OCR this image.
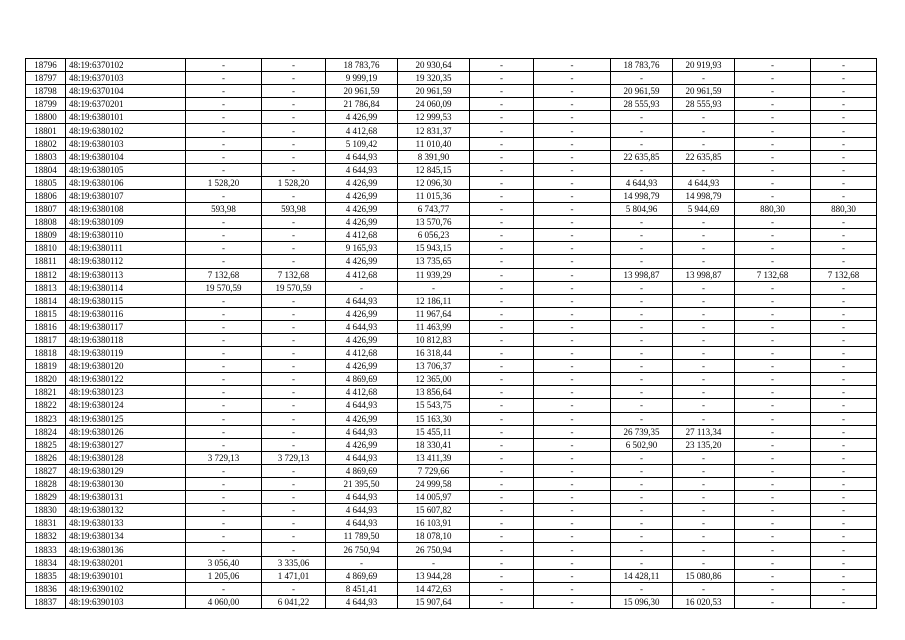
18796	48:19:6370102	-	-	18 783,76	20 930,64	-	-	18 783,76	20 919,93	-	-
18797	48:19:6370103	-	-	9 999,19	19 320,35	-	-	-	-	-	-
18798	48:19:6370104	-	-	20 961,59	20 961,59	-	-	20 961,59	20 961,59	-	-
18799	48:19:6370201	-	-	21 786,84	24 060,09	-	-	28 555,93	28 555,93	-	-
18800	48:19:6380101	-	-	4 426,99	12 999,53	-	-	-	-	-	-
18801	48:19:6380102	-	-	4 412,68	12 831,37	-	-	-	-	-	-
18802	48:19:6380103	-	-	5 109,42	11 010,40	-	-	-	-	-	-
18803	48:19:6380104	-	-	4 644,93	8 391,90	-	-	22 635,85	22 635,85	-	-
18804	48:19:6380105	-	-	4 644,93	12 845,15	-	-	-	-	-	-
18805	48:19:6380106	1 528,20	1 528,20	4 426,99	12 096,30	-	-	4 644,93	4 644,93	-	-
18806	48:19:6380107	-	-	4 426,99	11 015,36	-	-	14 998,79	14 998,79	-	-
18807	48:19:6380108	593,98	593,98	4 426,99	6 743,77	-	-	5 804,96	5 944,69	880,30	880,30
18808	48:19:6380109	-	-	4 426,99	13 570,76	-	-	-	-	-	-
18809	48:19:6380110	-	-	4 412,68	6 056,23	-	-	-	-	-	-
18810	48:19:6380111	-	-	9 165,93	15 943,15	-	-	-	-	-	-
18811	48:19:6380112	-	-	4 426,99	13 735,65	-	-	-	-	-	-
18812	48:19:6380113	7 132,68	7 132,68	4 412,68	11 939,29	-	-	13 998,87	13 998,87	7 132,68	7 132,68
18813	48:19:6380114	19 570,59	19 570,59	-	-	-	-	-	-	-	-
18814	48:19:6380115	-	-	4 644,93	12 186,11	-	-	-	-	-	-
18815	48:19:6380116	-	-	4 426,99	11 967,64	-	-	-	-	-	-
18816	48:19:6380117	-	-	4 644,93	11 463,99	-	-	-	-	-	-
18817	48:19:6380118	-	-	4 426,99	10 812,83	-	-	-	-	-	-
18818	48:19:6380119	-	-	4 412,68	16 318,44	-	-	-	-	-	-
18819	48:19:6380120	-	-	4 426,99	13 706,37	-	-	-	-	-	-
18820	48:19:6380122	-	-	4 869,69	12 365,00	-	-	-	-	-	-
18821	48:19:6380123	-	-	4 412,68	13 856,64	-	-	-	-	-	-
18822	48:19:6380124	-	-	4 644,93	15 543,75	-	-	-	-	-	-
18823	48:19:6380125	-	-	4 426,99	15 163,30	-	-	-	-	-	-
18824	48:19:6380126	-	-	4 644,93	15 455,11	-	-	26 739,35	27 113,34	-	-
18825	48:19:6380127	-	-	4 426,99	18 330,41	-	-	6 502,90	23 135,20	-	-
18826	48:19:6380128	3 729,13	3 729,13	4 644,93	13 411,39	-	-	-	-	-	-
18827	48:19:6380129	-	-	4 869,69	7 729,66	-	-	-	-	-	-
18828	48:19:6380130	-	-	21 395,50	24 999,58	-	-	-	-	-	-
18829	48:19:6380131	-	-	4 644,93	14 005,97	-	-	-	-	-	-
18830	48:19:6380132	-	-	4 644,93	15 607,82	-	-	-	-	-	-
18831	48:19:6380133	-	-	4 644,93	16 103,91	-	-	-	-	-	-
18832	48:19:6380134	-	-	11 789,50	18 078,10	-	-	-	-	-	-
18833	48:19:6380136	-	-	26 750,94	26 750,94	-	-	-	-	-	-
18834	48:19:6380201	3 056,40	3 335,06	-	-	-	-	-	-	-	-
18835	48:19:6390101	1 205,06	1 471,01	4 869,69	13 944,28	-	-	14 428,11	15 080,86	-	-
18836	48:19:6390102	-	-	8 451,41	14 472,63	-	-	-	-	-	-
18837	48:19:6390103	4 060,00	6 041,22	4 644,93	15 907,64	-	-	15 096,30	16 020,53	-	-
